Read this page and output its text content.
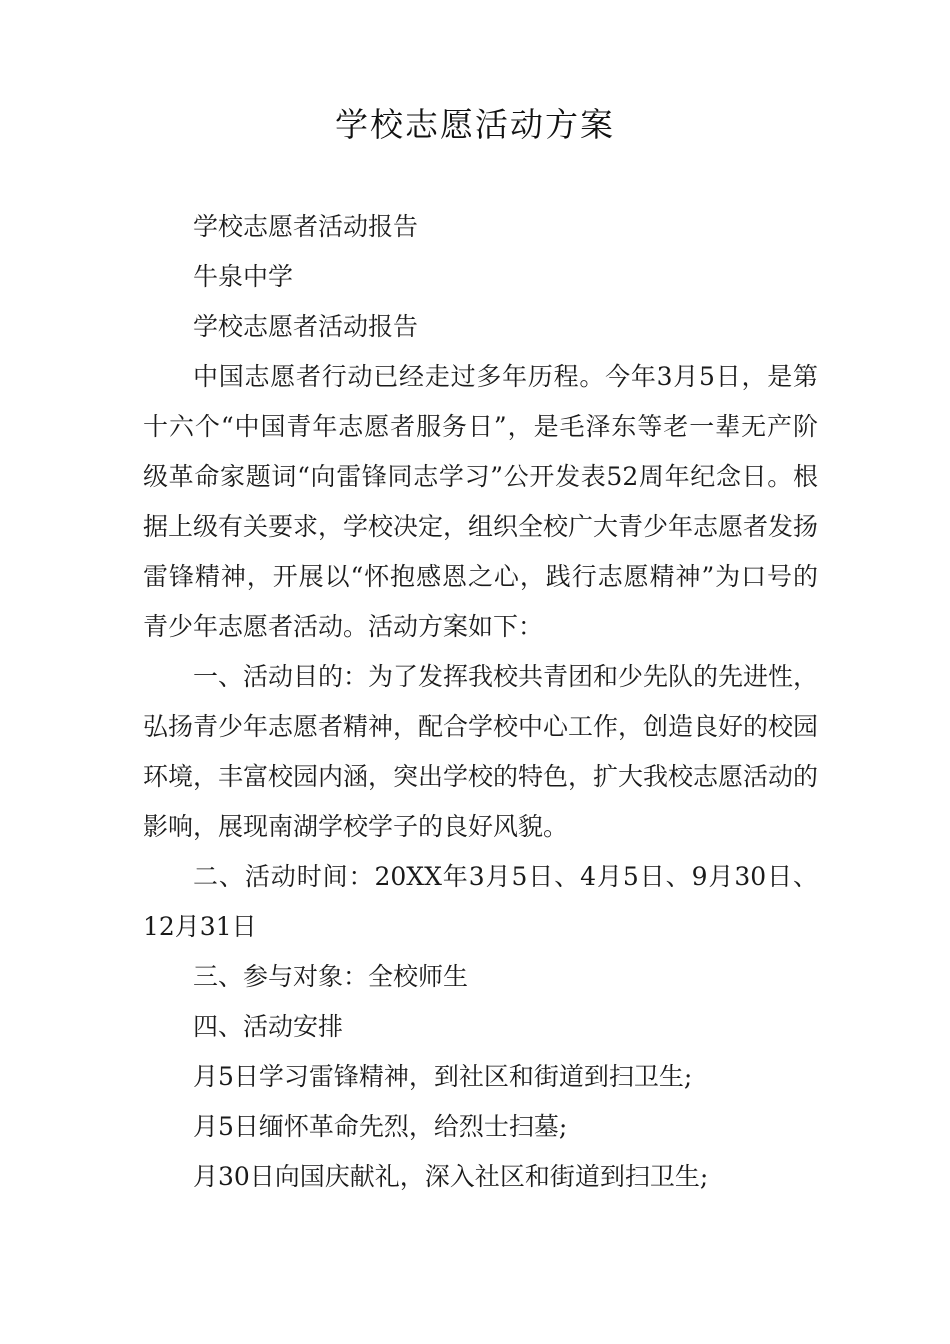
学校志愿活动方案

学校志愿者活动报告

牛泉中学

学校志愿者活动报告

中国志愿者行动已经走过多年历程。今年3月5日，是第十六个“中国青年志愿者服务日”，是毛泽东等老一辈无产阶级革命家题词“向雷锋同志学习”公开发表52周年纪念日。根据上级有关要求，学校决定，组织全校广大青少年志愿者发扬雷锋精神，开展以“怀抱感恩之心，践行志愿精神”为口号的青少年志愿者活动。活动方案如下：

一、活动目的：为了发挥我校共青团和少先队的先进性，弘扬青少年志愿者精神，配合学校中心工作，创造良好的校园环境，丰富校园内涵，突出学校的特色，扩大我校志愿活动的影响，展现南湖学校学子的良好风貌。

二、活动时间：20XX年3月5日、4月5日、9月30日、12月31日

三、参与对象：全校师生

四、活动安排

月5日学习雷锋精神，到社区和街道到扫卫生;

月5日缅怀革命先烈，给烈士扫墓;

月30日向国庆献礼，深入社区和街道到扫卫生;
